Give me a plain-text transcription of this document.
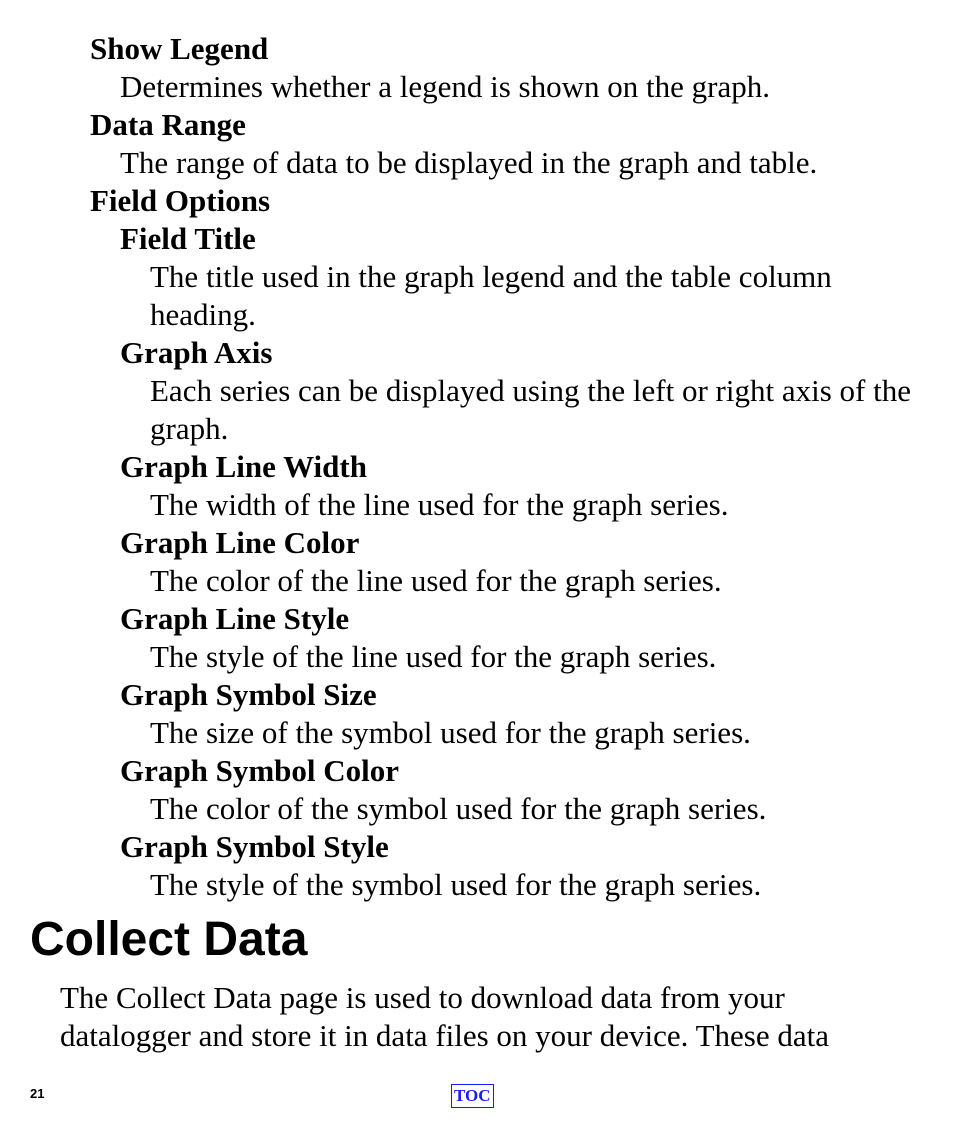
Show Legend
Determines whether a legend is shown on the graph.
Data Range
The range of data to be displayed in the graph and table.
Field Options
Field Title
The title used in the graph legend and the table column heading.
Graph Axis
Each series can be displayed using the left or right axis of the graph.
Graph Line Width
The width of the line used for the graph series.
Graph Line Color
The color of the line used for the graph series.
Graph Line Style
The style of the line used for the graph series.
Graph Symbol Size
The size of the symbol used for the graph series.
Graph Symbol Color
The color of the symbol used for the graph series.
Graph Symbol Style
The style of the symbol used for the graph series.
Collect Data
The Collect Data page is used to download data from your datalogger and store it in data files on your device. These data
21	TOC
